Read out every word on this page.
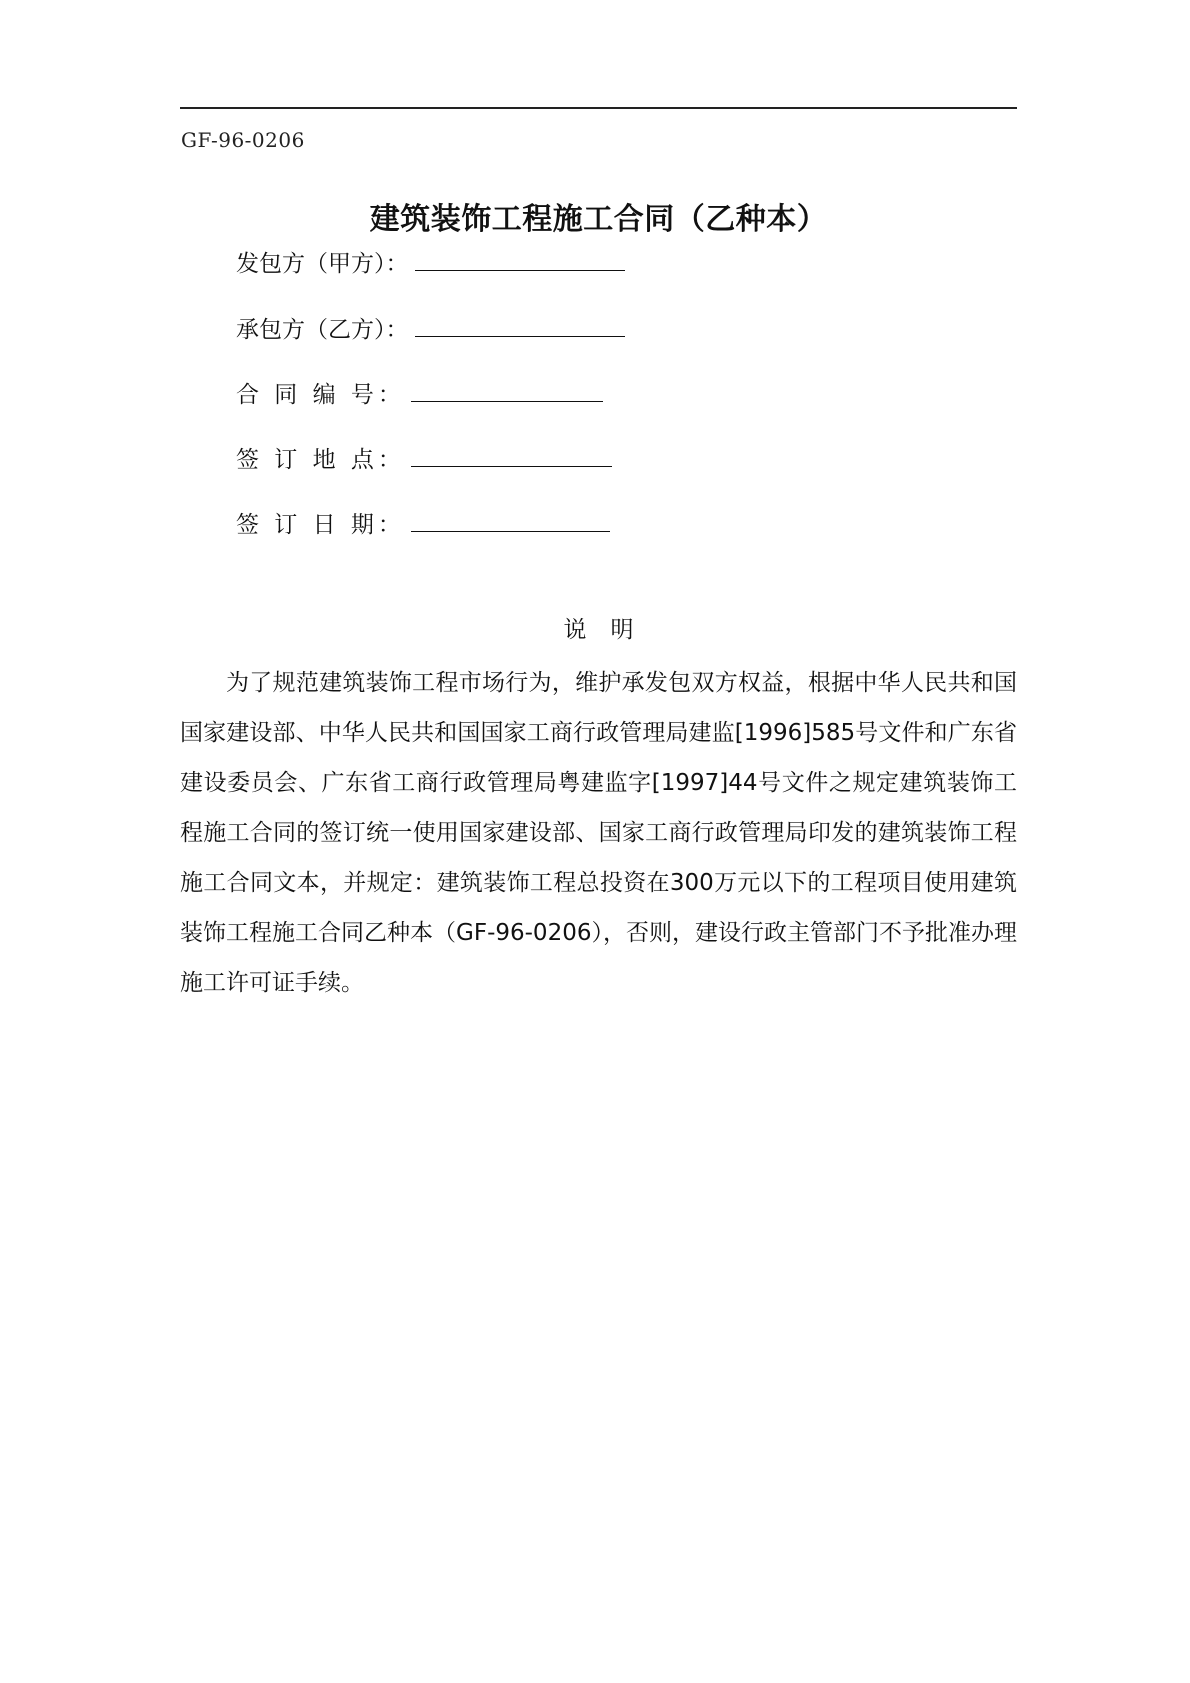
GF-96-0206
建筑装饰工程施工合同（乙种本）
发包方（甲方）：
承包方（乙方）：
合 同 编 号：
签 订 地 点：
签 订 日 期：
说明

为了规范建筑装饰工程市场行为，维护承发包双方权益，根据中华人民共和国国家建设部、中华人民共和国国家工商行政管理局建监[1996]585号文件和广东省建设委员会、广东省工商行政管理局粤建监字[1997]44号文件之规定建筑装饰工程施工合同的签订统一使用国家建设部、国家工商行政管理局印发的建筑装饰工程施工合同文本，并规定：建筑装饰工程总投资在300万元以下的工程项目使用建筑装饰工程施工合同乙种本（GF-96-0206），否则，建设行政主管部门不予批准办理施工许可证手续。
